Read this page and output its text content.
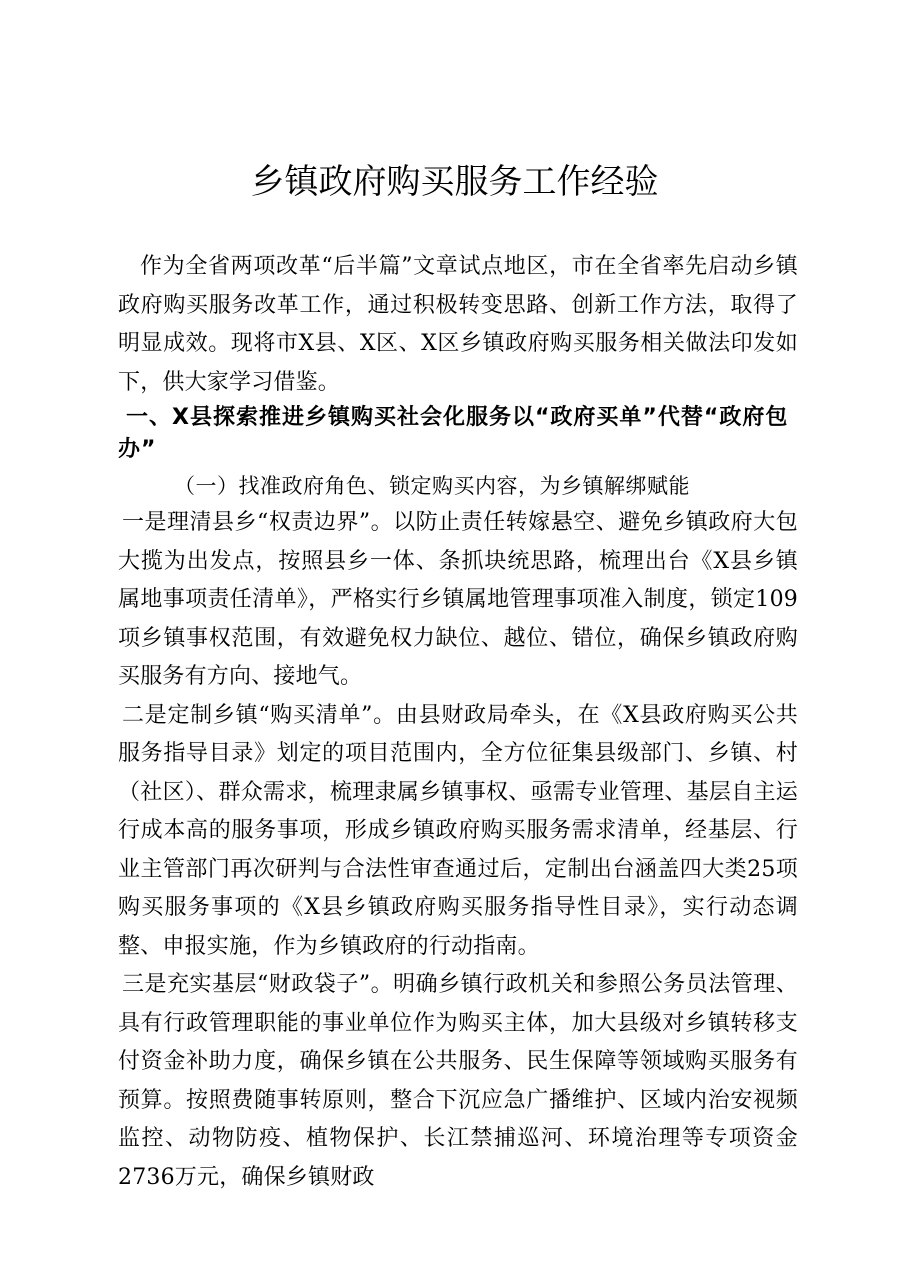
乡镇政府购买服务工作经验

作为全省两项改革“后半篇”文章试点地区，市在全省率先启动乡镇政府购买服务改革工作，通过积极转变思路、创新工作方法，取得了明显成效。现将市X县、X区、X区乡镇政府购买服务相关做法印发如下，供大家学习借鉴。

一、X县探索推进乡镇购买社会化服务以“政府买单”代替“政府包办”

（一）找准政府角色、锁定购买内容，为乡镇解绑赋能

一是理清县乡“权责边界”。以防止责任转嫁悬空、避免乡镇政府大包大揽为出发点，按照县乡一体、条抓块统思路，梳理出台《X县乡镇属地事项责任清单》，严格实行乡镇属地管理事项准入制度，锁定109项乡镇事权范围，有效避免权力缺位、越位、错位，确保乡镇政府购买服务有方向、接地气。

二是定制乡镇“购买清单”。由县财政局牵头，在《X县政府购买公共服务指导目录》划定的项目范围内，全方位征集县级部门、乡镇、村（社区）、群众需求，梳理隶属乡镇事权、亟需专业管理、基层自主运行成本高的服务事项，形成乡镇政府购买服务需求清单，经基层、行业主管部门再次研判与合法性审查通过后，定制出台涵盖四大类25项购买服务事项的《X县乡镇政府购买服务指导性目录》，实行动态调整、申报实施，作为乡镇政府的行动指南。

三是充实基层“财政袋子”。明确乡镇行政机关和参照公务员法管理、具有行政管理职能的事业单位作为购买主体，加大县级对乡镇转移支付资金补助力度，确保乡镇在公共服务、民生保障等领域购买服务有预算。按照费随事转原则，整合下沉应急广播维护、区域内治安视频监控、动物防疫、植物保护、长江禁捕巡河、环境治理等专项资金2736万元，确保乡镇财政
